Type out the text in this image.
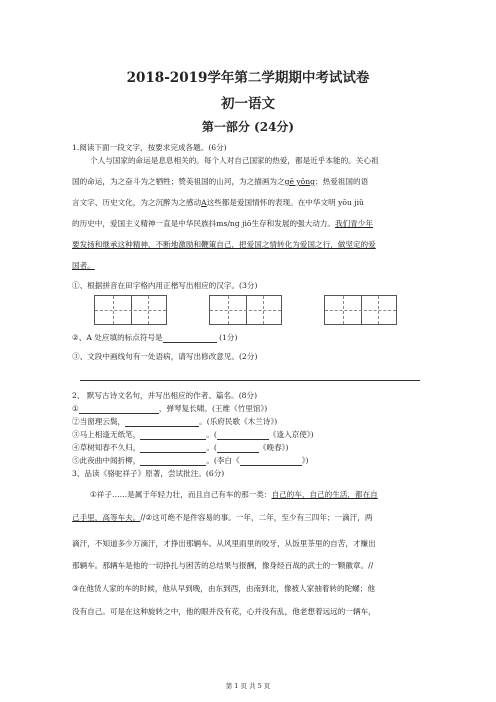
2018-2019学年第二学期期中考试试卷
初一语文
第一部分 (24分)
1.阅读下面一段文字，按要求完成各题。(6分)
个人与国家的命运是息息相关的。每个人对自己国家的热爱，都是近乎本能的。关心祖
国的命运，为之奋斗为之牺牲；赞美祖国的山河，为之描画为之gē yǒng；热爱祖国的语
言文字、历史文化，为之沉醉为之感动A这些都是爱国情怀的表现。在中华文明 yōu jiǔ
的历史中，爱国主义精神一直是中华民族抖ms/ng jiō生存和发展的强大动力。我们青少年
要发扬和继承这种精神，不断地激励和鞭策自己，把爱国之情转化为爱国之行，做坚定的爱
国者。
①、根据拼音在田字格内用正楷写出相应的汉字。(3分)
②、A 处应填的标点符号是	(1分)
③、文段中画线句有一处语病，请写出修改意见。(2分)
2、 默写古诗文名句，并写出相应的作者、篇名。(8分)
①	，弹琴复长啸。(王维《竹里馆》)
②当窗理云鬓，	。(乐府民歌《木兰诗》)
③马上相逢无纸笔，	。(	《逢入京使》)
④草树知春不久归，	。(	《晚春》)
⑤此夜曲中闻折柳，	。(李白《	》)
3、品读《骆驼祥子》原著，尝试批注。(6分)
①祥子……是属于年轻力壮，而且自己有车的那一类：自己的车，自己的生活，都在自
己手里，高等车夫。//②这可绝不是件容易的事。一年，二年，至少有三四年；一滴汗，两
滴汗，不知道多少万滴汗，才挣出那辆车。从风里雨里的咬牙，从饭里茶里的自苦，才赚出
那辆车。那辆车是他的一切挣扎与困苦的总结果与报酬，像身经百战的武士的一颗徽章。//
③在他赁人家的车的时候，他从早到晚，由东到西，由南到北，像被人家抽着转的陀螺；他
没有自己。可是在这种旋转之中，他的眼并没有花，心并没有乱，他老想着远远的一辆车，
第 1 页 共 5 页
